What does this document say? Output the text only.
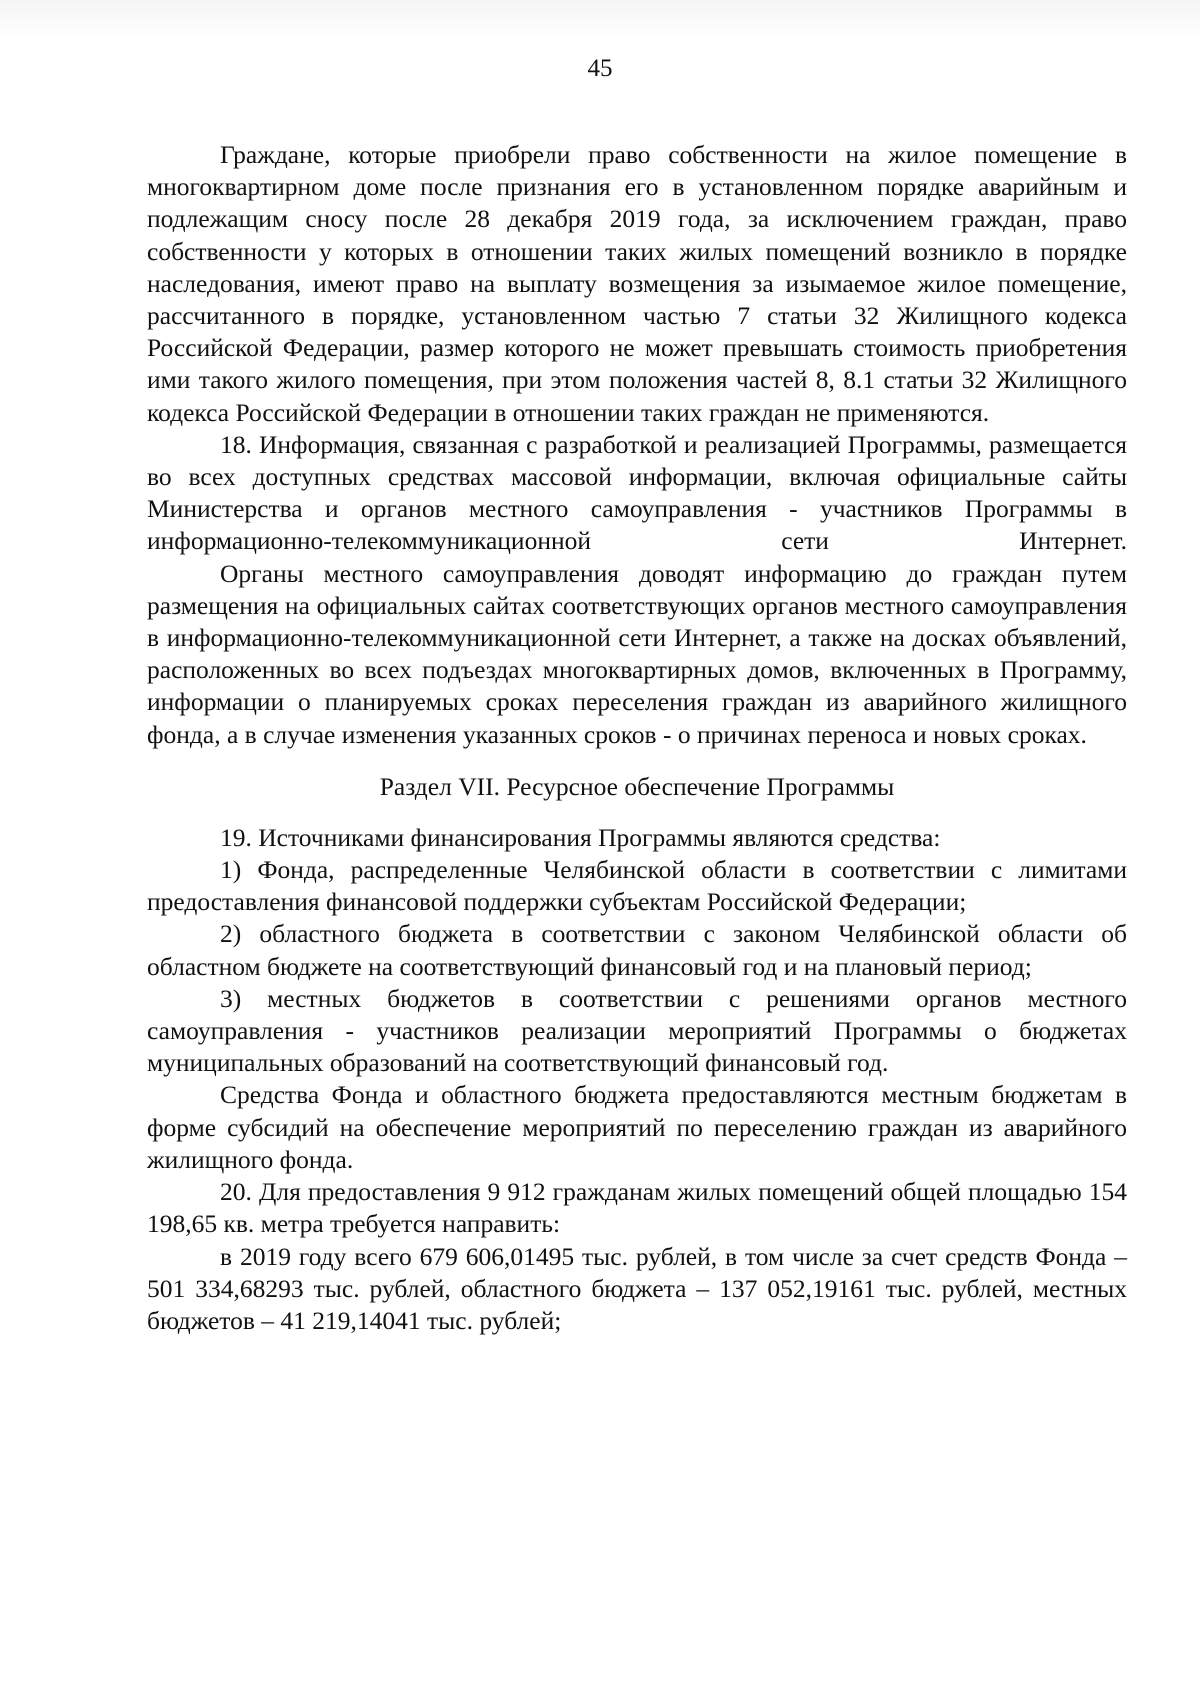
45

Граждане, которые приобрели право собственности на жилое помещение в многоквартирном доме после признания его в установленном порядке аварийным и подлежащим сносу после 28 декабря 2019 года, за исключением граждан, право собственности у которых в отношении таких жилых помещений возникло в порядке наследования, имеют право на выплату возмещения за изымаемое жилое помещение, рассчитанного в порядке, установленном частью 7 статьи 32 Жилищного кодекса Российской Федерации, размер которого не может превышать стоимость приобретения ими такого жилого помещения, при этом положения частей 8, 8.1 статьи 32 Жилищного кодекса Российской Федерации в отношении таких граждан не применяются.

18. Информация, связанная с разработкой и реализацией Программы, размещается во всех доступных средствах массовой информации, включая официальные сайты Министерства и органов местного самоуправления - участников Программы в информационно-телекоммуникационной сети Интернет.

Органы местного самоуправления доводят информацию до граждан путем размещения на официальных сайтах соответствующих органов местного самоуправления в информационно-телекоммуникационной сети Интернет, а также на досках объявлений, расположенных во всех подъездах многоквартирных домов, включенных в Программу, информации о планируемых сроках переселения граждан из аварийного жилищного фонда, а в случае изменения указанных сроков - о причинах переноса и новых сроках.

Раздел VII. Ресурсное обеспечение Программы

19. Источниками финансирования Программы являются средства:

1) Фонда, распределенные Челябинской области в соответствии с лимитами предоставления финансовой поддержки субъектам Российской Федерации;

2) областного бюджета в соответствии с законом Челябинской области об областном бюджете на соответствующий финансовый год и на плановый период;

3) местных бюджетов в соответствии с решениями органов местного самоуправления - участников реализации мероприятий Программы о бюджетах муниципальных образований на соответствующий финансовый год.

Средства Фонда и областного бюджета предоставляются местным бюджетам в форме субсидий на обеспечение мероприятий по переселению граждан из аварийного жилищного фонда.

20. Для предоставления 9 912 гражданам жилых помещений общей площадью 154 198,65 кв. метра требуется направить:

в 2019 году всего 679 606,01495 тыс. рублей, в том числе за счет средств Фонда – 501 334,68293 тыс. рублей, областного бюджета – 137 052,19161 тыс. рублей, местных бюджетов – 41 219,14041 тыс. рублей;
